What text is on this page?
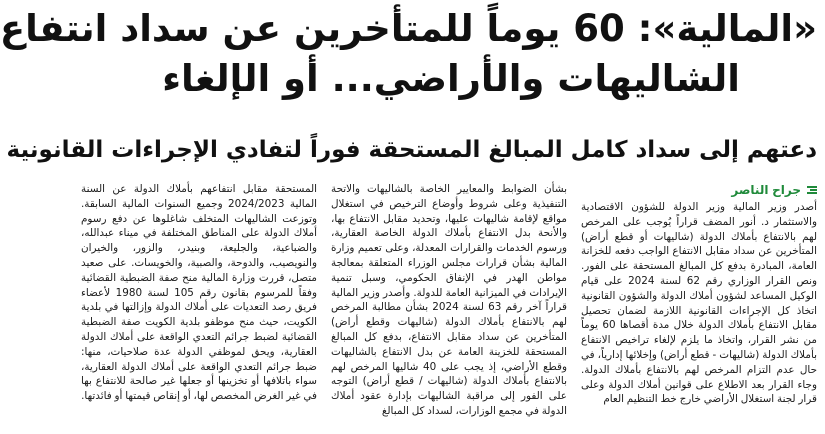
«المالية»: 60 يوماً للمتأخرين عن سداد انتفاع
الشاليهات والأراضي... أو الإلغاء
دعتهم إلى سداد كامل المبالغ المستحقة فوراً لتفادي الإجراءات القانونية
جراح الناصر

أصدر وزير المالية وزير الدولة للشؤون الاقتصادية والاستثمار د. أنور المضف قراراً يُوجب على المرخص لهم بالانتفاع بأملاك الدولة (شاليهات أو قطع أراض) المتأخرين عن سداد مقابل الانتفاع الواجب دفعه للخزانة العامة، المبادرة بدفع كل المبالغ المستحقة على الفور. ونص القرار الوزاري رقم 62 لسنة 2024 على قيام الوكيل المساعد لشؤون أملاك الدولة والشؤون القانونية اتخاذ كل الإجراءات القانونية اللازمة لضمان تحصيل مقابل الانتفاع بأملاك الدولة خلال مدة أقصاها 60 يوماً من نشر القرار، واتخاذ ما يلزم لإلغاء تراخيص الانتفاع بأملاك الدولة (شاليهات - قطع أراض) وإخلائها إدارياً، في حال عدم التزام المرخص لهم بالانتفاع بأملاك الدولة. وجاء القرار بعد الاطلاع على قوانين أملاك الدولة وعلى قرار لجنة استغلال الأراضي خارج خط التنظيم العام

بشأن الضوابط والمعايير الخاصة بالشاليهات والاتحة التنفيذية وعلى شروط وأوضاع الترخيص في استغلال مواقع لإقامة شاليهات عليها، وتحديد مقابل الانتفاع بها، والأنحة بدل الانتفاع بأملاك الدولة الخاصة العقارية، ورسوم الخدمات والقرارات المعدلة، وعلى تعميم وزارة المالية بشأن قرارات مجلس الوزراء المتعلقة بمعالجة مواطن الهدر في الإنفاق الحكومي، وسبل تنمية الإيرادات في الميزانية العامة للدولة. وأصدر وزير المالية قراراً آخر رقم 63 لسنة 2024 بشأن مطالبة المرخص لهم بالانتفاع بأملاك الدولة (شاليهات وقطع أراض) المتأخرين عن سداد مقابل الانتفاع، بدفع كل المبالغ المستحقة للخزينة العامة عن بدل الانتفاع بالشاليهات وقطع الأراضي، إذ يجب على 40 شاليها المرخص لهم بالانتفاع بأملاك الدولة (شاليهات / قطع أراض) التوجه على الفور إلى مراقبة الشاليهات بإدارة عقود أملاك الدولة في مجمع الوزارات، لسداد كل المبالغ

المستحقة مقابل انتفاعهم بأملاك الدولة عن السنة المالية 2024/2023 وجميع السنوات المالية السابقة. وتوزعت الشاليهات المتخلف شاغلوها عن دفع رسوم أملاك الدولة على المناطق المختلفة في ميناء عبدالله، والضباعية، والجليعة، وبنيدر، والزور، والخيران والنويصيب، والدوحة، والصبية، والخويسات. على صعيد متصل، قررت وزارة المالية منح صفة الضبطية القضائية وفقاً للمرسوم بقانون رقم 105 لسنة 1980 لأعضاء فريق رصد التعديات على أملاك الدولة وإزالتها في بلدية الكويت، حيث منح موظفو بلدية الكويت صفة الضبطية القضائية لضبط جرائم التعدي الواقعة على أملاك الدولة العقارية، ويحق لموظفي الدولة عدة صلاحيات، منها: ضبط جرائم التعدي الواقعة على أملاك الدولة العقارية، سواء باتلافها أو تخزينها أو جعلها غير صالحة للانتفاع بها في غير الغرض المخصص لها، أو إنقاص قيمتها أو فائدتها.
